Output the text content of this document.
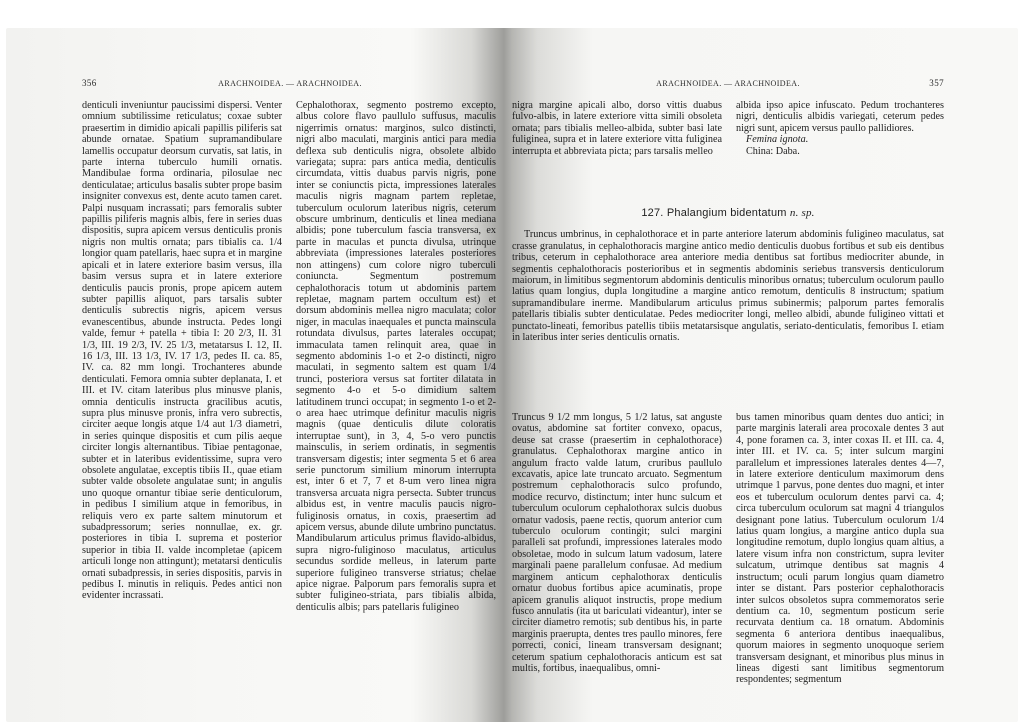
356	ARACHNOIDEA. — ARACHNOIDEA.

denticuli inveniuntur paucissimi dispersi. Venter omnium subtilissime reticulatus; coxae subter praesertim in dimidio apicali papillis piliferis sat abunde ornatae. Spatium supramandibulare lamellis occupatur deorsum curvatis, sat latis, in parte interna tuberculo humili ornatis. Mandibulae forma ordinaria, pilosulae nec denticulatae; articulus basalis subter prope basim insigniter convexus est, dente acuto tamen caret. Palpi nusquam incrassati; pars femoralis subter papillis piliferis magnis albis, fere in series duas dispositis, supra apicem versus denticulis pronis nigris non multis ornata; pars tibialis ca. 1/4 longior quam patellaris, haec supra et in margine apicali et in latere exteriore basim versus, illa basim versus supra et in latere exteriore denticulis paucis pronis, prope apicem autem subter papillis aliquot, pars tarsalis subter denticulis subrectis nigris, apicem versus evanescentibus, abunde instructa. Pedes longi valde, femur + patella + tibia I: 20 2/3, II. 31 1/3, III. 19 2/3, IV. 25 1/3, metatarsus I. 12, II. 16 1/3, III. 13 1/3, IV. 17 1/3, pedes II. ca. 85, IV. ca. 82 mm longi. Trochanteres abunde denticulati. Femora omnia subter deplanata, I. et III. et IV. citam lateribus plus minusve planis, omnia denticulis instructa gracilibus acutis, supra plus minusve pronis, infra vero subrectis, circiter aeque longis atque 1/4 aut 1/3 diametri, in series quinque dispositis et cum pilis aeque circiter longis alternantibus. Tibiae pentagonae, subter et in lateribus evidentissime, supra vero obsolete angulatae, exceptis tibiis II., quae etiam subter valde obsolete angulatae sunt; in angulis uno quoque ornantur tibiae serie denticulorum, in pedibus I similium atque in femoribus, in reliquis vero ex parte saltem minutorum et subadpressorum; series nonnullae, ex. gr. posteriores in tibia I. suprema et posterior superior in tibia II. valde incompletae (apicem articuli longe non attingunt); metatarsi denticulis ornati subadpressis, in series dispositis, parvis in pedibus I. minutis in reliquis. Pedes antici non evidenter incrassati.

Cephalothorax, segmento postremo excepto, albus colore flavo paullulo suffusus, maculis nigerrimis ornatus: marginos, sulco distincti, nigri albo maculati, marginis antici para media deflexa sub denticulis nigra, obsolete albido variegata; supra: pars antica media, denticulis circumdata, vittis duabus parvis nigris, pone inter se coniunctis picta, impressiones laterales maculis nigris magnam partem repletae, tuberculum oculorum lateribus nigris, ceterum obscure umbrinum, denticulis et linea mediana albidis; pone tuberculum fascia transversa, ex parte in maculas et puncta divulsa, utrinque abbreviata (impressiones laterales posteriores non attingens) cum colore nigro tuberculi coniuncta. Segmentum postremum cephalothoracis totum ut abdominis partem repletae, magnam partem occultum est) et dorsum abdominis mellea nigro maculata; color niger, in maculas inaequales et puncta mainscula rotundata divulsus, partes laterales occupat; immaculata tamen relinquit area, quae in segmento abdominis 1-o et 2-o distincti, nigro maculati, in segmento saltem est quam 1/4 trunci, posteriora versus sat fortiter dilatata in segmento 4-o et 5-o dimidium saltem latitudinem trunci occupat; in segmento 1-o et 2-o area haec utrimque definitur maculis nigris magnis (quae denticulis dilute coloratis interruptae sunt), in 3, 4, 5-o vero punctis mainsculis, in seriem ordinatis, in segmentis transversam digestis; inter segmenta 5 et 6 area serie punctorum similium minorum interrupta est, inter 6 et 7, 7 et 8-um vero linea nigra transversa arcuata nigra persecta. Subter truncus albidus est, in ventre maculis paucis nigro-fuliginosis ornatus, in coxis, praesertim ad apicem versus, abunde dilute umbrino punctatus. Mandibularum articulus primus flavido-albidus, supra nigro-fuliginoso maculatus, articulus secundus sordide melleus, in laterum parte superiore fuligineo transverse striatus; chelae apice nigrae. Palporum pars femoralis supra et subter fuligineo-striata, pars tibialis albida, denticulis albis; pars patellaris fuligineo

ARACHNOIDEA. — ARACHNOIDEA.	357

nigra margine apicali albo, dorso vittis duabus fulvo-albis, in latere exteriore vitta simili obsoleta ornata; pars tibialis melleo-albida, subter basi late fuliginea, supra et in latere exteriore vitta fuliginea interrupta et abbreviata picta; pars tarsalis melleo

albida ipso apice infuscato. Pedum trochanteres nigri, denticulis albidis variegati, ceterum pedes nigri sunt, apicem versus paullo pallidiores.

Femina ignota.

China: Daba.

127. Phalangium bidentatum n. sp.

Truncus umbrinus, in cephalothorace et in parte anteriore laterum abdominis fuligineo maculatus, sat crasse granulatus, in cephalothoracis margine antico medio denticulis duobus fortibus et sub eis dentibus tribus, ceterum in cephalothorace area anteriore media dentibus sat fortibus mediocriter abunde, in segmentis cephalothoracis posterioribus et in segmentis abdominis seriebus transversis denticulorum maiorum, in limitibus segmentorum abdominis denticulis minoribus ornatus; tuberculum oculorum paullo latius quam longius, dupla longitudine a margine antico remotum, denticulis 8 instructum; spatium supramandibulare inerme. Mandibularum articulus primus subinermis; palporum partes femoralis patellaris tibialis subter denticulatae. Pedes mediocriter longi, melleo albidi, abunde fuligineo vittati et punctato-lineati, femoribus patellis tibiis metatarsisque angulatis, seriato-denticulatis, femoribus I. etiam in lateribus inter series denticulis ornatis.

Truncus 9 1/2 mm longus, 5 1/2 latus, sat anguste ovatus, abdomine sat fortiter convexo, opacus, deuse sat crasse (praesertim in cephalothorace) granulatus. Cephalothorax margine antico in angulum fracto valde latum, cruribus paullulo excavatis, apice late truncato arcuato. Segmentum postremum cephalothoracis sulco profundo, modice recurvo, distinctum; inter hunc sulcum et tuberculum oculorum cephalothorax sulcis duobus ornatur vadosis, paene rectis, quorum anterior cum tuberculo oculorum contingit; sulci margini paralleli sat profundi, impressiones laterales modo obsoletae, modo in sulcum latum vadosum, latere marginali paene parallelum confusae. Ad medium marginem anticum cephalothorax denticulis ornatur duobus fortibus apice acuminatis, prope apicem granulis aliquot instructis, prope medium fusco annulatis (ita ut bariculati videantur), inter se circiter diametro remotis; sub dentibus his, in parte marginis praerupta, dentes tres paullo minores, fere porrecti, conici, lineam transversam designant; ceterum spatium cephalothoracis anticum est sat multis, fortibus, inaequalibus, omni-

bus tamen minoribus quam dentes duo antici; in parte marginis laterali area procoxale dentes 3 aut 4, pone foramen ca. 3, inter coxas II. et III. ca. 4, inter III. et IV. ca. 5; inter sulcum margini parallelum et impressiones laterales dentes 4—7, in latere exteriore denticulum maximorum dens utrimque 1 parvus, pone dentes duo magni, et inter eos et tuberculum oculorum dentes parvi ca. 4; circa tuberculum oculorum sat magni 4 triangulos designant pone latius. Tuberculum oculorum 1/4 latius quam longius, a margine antico dupla sua longitudine remotum, duplo longius quam altius, a latere visum infra non constrictum, supra leviter sulcatum, utrimque dentibus sat magnis 4 instructum; oculi parum longius quam diametro inter se distant. Pars posterior cephalothoracis inter sulcos obsoletos supra commemoratos serie dentium ca. 10, segmentum posticum serie recurvata dentium ca. 18 ornatum. Abdominis segmenta 6 anteriora dentibus inaequalibus, quorum maiores in segmento unoquoque seriem transversam designant, et minoribus plus minus in lineas digesti sant limitibus segmentorum respondentes; segmentum
